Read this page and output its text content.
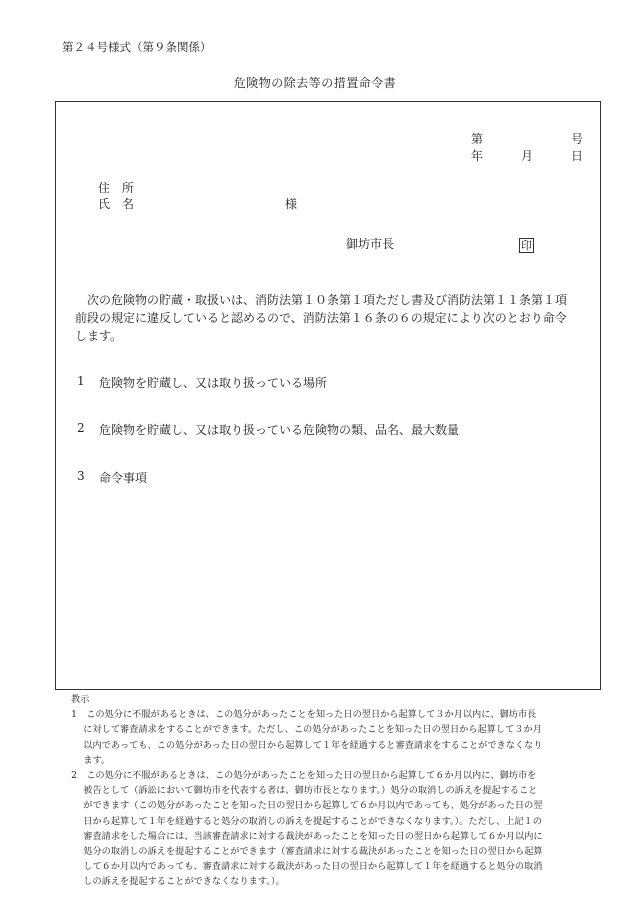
第２４号様式（第９条関係）
危険物の除去等の措置命令書
第	号
年	月	日
住　所
氏　名	様
御坊市長	印
　次の危険物の貯蔵・取扱いは、消防法第１０条第１項ただし書及び消防法第１１条第１項
前段の規定に違反していると認めるので、消防法第１６条の６の規定により次のとおり命令
します。
1 危険物を貯蔵し、又は取り扱っている場所
2 危険物を貯蔵し、又は取り扱っている危険物の類、品名、最大数量
3 命令事項
教示
　1　この処分に不服があるときは、この処分があったことを知った日の翌日から起算して３か月以内に、御坊市長
　　 に対して審査請求をすることができます。ただし、この処分があったことを知った日の翌日から起算して３か月
　　 以内であっても、この処分があった日の翌日から起算して１年を経過すると審査請求をすることができなくなり
　　 ます。
　2　この処分に不服があるときは、この処分があったことを知った日の翌日から起算して６か月以内に、御坊市を
　　 被告として（訴訟において御坊市を代表する者は、御坊市長となります。）処分の取消しの訴えを提起すること
　　 ができます（この処分があったことを知った日の翌日から起算して６か月以内であっても、処分があった日の翌
　　 日から起算して１年を経過すると処分の取消しの訴えを提起することができなくなります。）。ただし、上記１の
　　 審査請求をした場合には、当該審査請求に対する裁決があったことを知った日の翌日から起算して６か月以内に
　　 処分の取消しの訴えを提起することができます（審査請求に対する裁決があったことを知った日の翌日から起算
　　 して６か月以内であっても、審査請求に対する裁決があった日の翌日から起算して１年を経過すると処分の取消
　　 しの訴えを提起することができなくなります。）。
